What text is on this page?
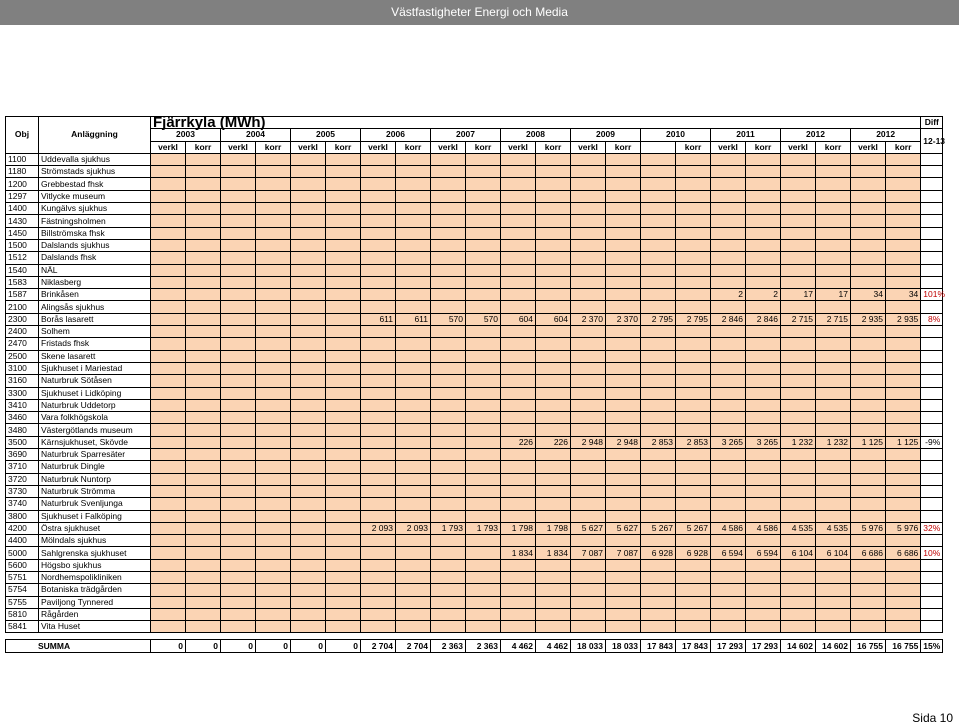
Västfastigheter Energi och Media
Obj	Anläggning	Fjärrkyla (MWh)																						Diff
		2003		2004		2005		2006		2007		2008		2009		2010		2011		2012		2012		12-13
		verkl	korr	verkl	korr	verkl	korr	verkl	korr	verkl	korr	verkl	korr	verkl	korr		korr	verkl	korr	verkl	korr	verkl	korr	
1100	Uddevalla sjukhus																							
1180	Strömstads sjukhus																							
1200	Grebbestad fhsk																							
1297	Vitlycke museum																							
1400	Kungälvs sjukhus																							
1430	Fästningsholmen																							
1450	Billströmska fhsk																							
1500	Dalslands sjukhus																							
1512	Dalslands fhsk																							
1540	NÄL																							
1583	Niklasberg																							
1587	Brinkåsen																	2	2	17	17	34	34	101%
2100	Alingsås sjukhus																							
2300	Borås lasarett							611	611	570	570	604	604	2 370	2 370	2 795	2 795	2 846	2 846	2 715	2 715	2 935	2 935	8%
2400	Solhem																							
2470	Fristads fhsk																							
2500	Skene lasarett																							
3100	Sjukhuset i Mariestad																							
3160	Naturbruk Sötåsen																							
3300	Sjukhuset i Lidköping																							
3410	Naturbruk Uddetorp																							
3460	Vara folkhögskola																							
3480	Västergötlands museum																							
3500	Kärnsjukhuset, Skövde											226	226	2 948	2 948	2 853	2 853	3 265	3 265	1 232	1 232	1 125	1 125	-9%
3690	Naturbruk Sparresäter																							
3710	Naturbruk Dingle																							
3720	Naturbruk Nuntorp																							
3730	Naturbruk Strömma																							
3740	Naturbruk Svenljunga																							
3800	Sjukhuset i Falköping																							
4200	Östra sjukhuset							2 093	2 093	1 793	1 793	1 798	1 798	5 627	5 627	5 267	5 267	4 586	4 586	4 535	4 535	5 976	5 976	32%
4400	Mölndals sjukhus																							
5000	Sahlgrenska sjukhuset											1 834	1 834	7 087	7 087	6 928	6 928	6 594	6 594	6 104	6 104	6 686	6 686	10%
5600	Högsbo sjukhus																							
5751	Nordhemspolikliniken																							
5754	Botaniska trädgården																							
5755	Paviljong Tynnered																							
5810	Rågården																							
5841	Vita Huset																							

SUMMA		0	0	0	0	0	0	2 704	2 704	2 363	2 363	4 462	4 462	18 033	18 033	17 843	17 843	17 293	17 293	14 602	14 602	16 755	16 755	15%
Sida 10
